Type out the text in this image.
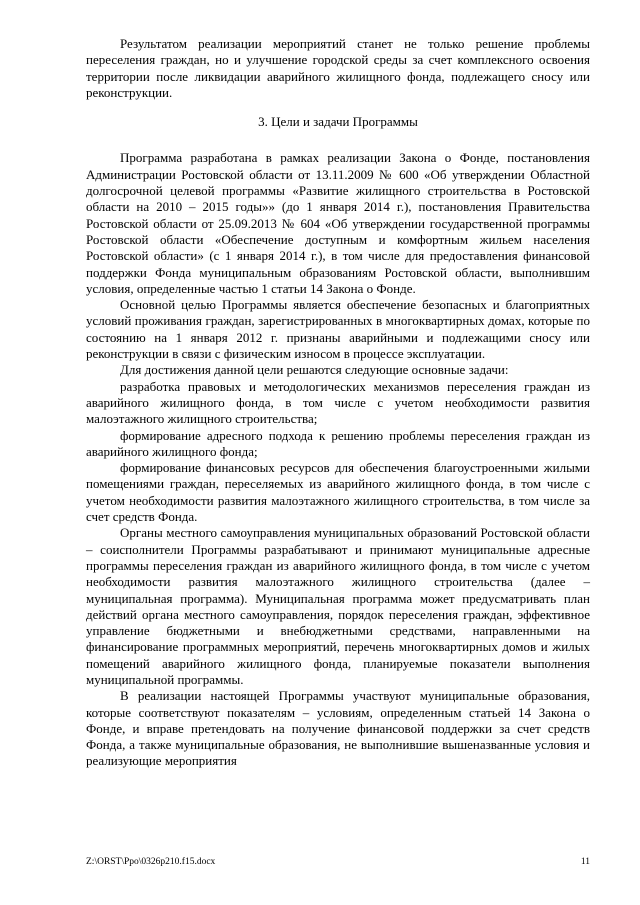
Результатом реализации мероприятий станет не только решение проблемы переселения граждан, но и улучшение городской среды за счет комплексного освоения территории после ликвидации аварийного жилищного фонда, подлежащего сносу или реконструкции.

3. Цели и задачи Программы

Программа разработана в рамках реализации Закона о Фонде, постановления Администрации Ростовской области от 13.11.2009 № 600 «Об утверждении Областной долгосрочной целевой программы «Развитие жилищного строительства в Ростовской области на 2010 – 2015 годы»» (до 1 января 2014 г.), постановления Правительства Ростовской области от 25.09.2013 № 604 «Об утверждении государственной программы Ростовской области «Обеспечение доступным и комфортным жильем населения Ростовской области» (с 1 января 2014 г.), в том числе для предоставления финансовой поддержки Фонда муниципальным образованиям Ростовской области, выполнившим условия, определенные частью 1 статьи 14 Закона о Фонде.

Основной целью Программы является обеспечение безопасных и благоприятных условий проживания граждан, зарегистрированных в многоквартирных домах, которые по состоянию на 1 января 2012 г. признаны аварийными и подлежащими сносу или реконструкции в связи с физическим износом в процессе эксплуатации.

Для достижения данной цели решаются следующие основные задачи:

разработка правовых и методологических механизмов переселения граждан из аварийного жилищного фонда, в том числе с учетом необходимости развития малоэтажного жилищного строительства;

формирование адресного подхода к решению проблемы переселения граждан из аварийного жилищного фонда;

формирование финансовых ресурсов для обеспечения благоустроенными жилыми помещениями граждан, переселяемых из аварийного жилищного фонда, в том числе с учетом необходимости развития малоэтажного жилищного строительства, в том числе за счет средств Фонда.

Органы местного самоуправления муниципальных образований Ростовской области – соисполнители Программы разрабатывают и принимают муниципальные адресные программы переселения граждан из аварийного жилищного фонда, в том числе с учетом необходимости развития малоэтажного жилищного строительства (далее – муниципальная программа). Муниципальная программа может предусматривать план действий органа местного самоуправления, порядок переселения граждан, эффективное управление бюджетными и внебюджетными средствами, направленными на финансирование программных мероприятий, перечень многоквартирных домов и жилых помещений аварийного жилищного фонда, планируемые показатели выполнения муниципальной программы.

В реализации настоящей Программы участвуют муниципальные образования, которые соответствуют показателям – условиям, определенным статьей 14 Закона о Фонде, и вправе претендовать на получение финансовой поддержки за счет средств Фонда, а также муниципальные образования, не выполнившие вышеназванные условия и реализующие мероприятия

Z:\ORST\Ppo\0326p210.f15.docx	11
